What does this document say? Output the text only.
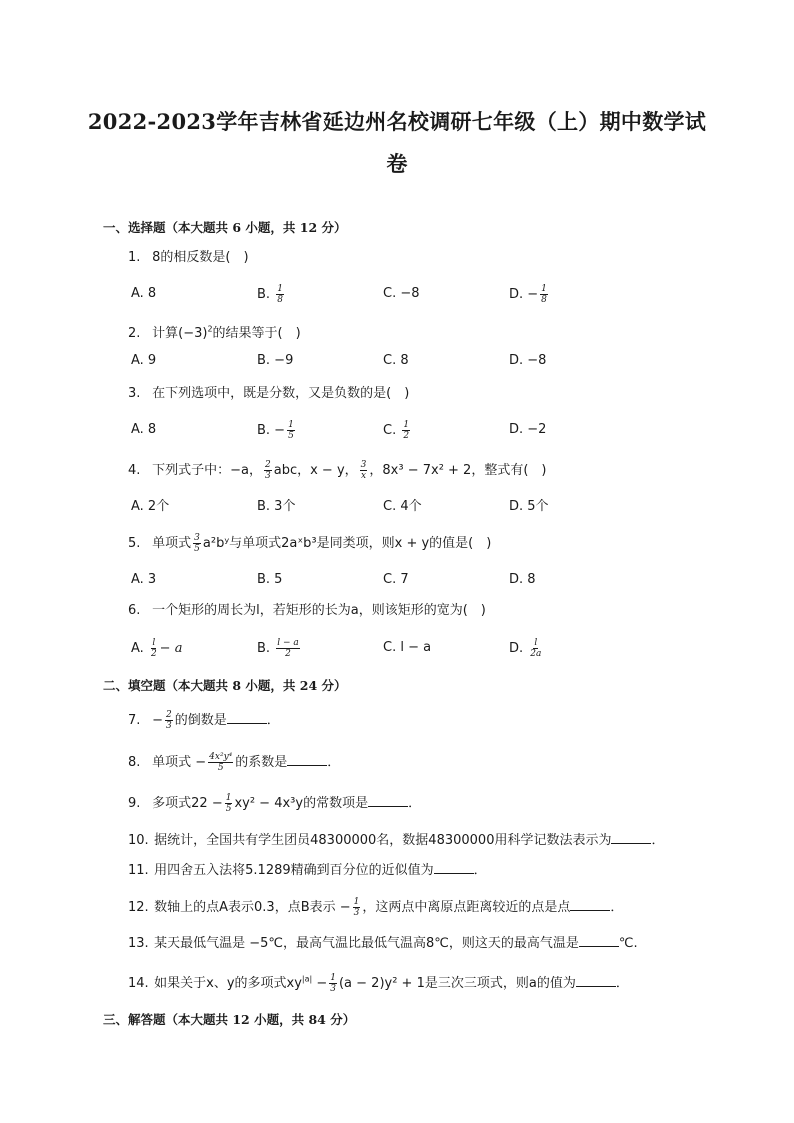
2022-2023学年吉林省延边州名校调研七年级（上）期中数学试
卷
一、选择题（本大题共 6 小题，共 12 分）
1. 8的相反数是(　)
A. 8	B. $\frac{1}{8}$	C. −8	D. − $\frac{1}{8}$
2. 计算$(-3)^2$的结果等于(　)
A. 9	B. −9	C. 8	D. −8
3. 在下列选项中，既是分数，又是负数的是(　)
A. 8	B. − $\frac{1}{5}$	C. $\frac{1}{2}$	D. −2
4. 下列式子中：−a， $\frac{2}{3}$ abc，x − y， $\frac{3}{x}$ ，8x³ − 7x² + 2，整式有(　)
A. 2个	B. 3个	C. 4个	D. 5个
5. 单项式 $\frac{3}{5}$ a²bʸ与单项式2aˣb³是同类项，则x + y的值是(　)
A. 3	B. 5	C. 7	D. 8
6. 一个矩形的周长为l，若矩形的长为a，则该矩形的宽为(　)
A. $\frac{l}{2} - a$	B. $\frac{l - a}{2}$	C. l − a	D. $\frac{l}{2a}$
二、填空题（本大题共 8 小题，共 24 分）
7. − $\frac{2}{3}$ 的倒数是	．
8. 单项式 − $\frac{\text{4x²y⁴}}{5}$ 的系数是	．
9. 多项式$22 - \frac{1}{5} xy^2 - 4x^3y$的常数项是	．
10. 据统计，全国共有学生团员48300000名，数据48300000用科学记数法表示为	．
11. 用四舍五入法将5.1289精确到百分位的近似值为	．
12. 数轴上的点A表示0.3，点B表示 − $\frac{1}{3}$ ，这两点中离原点距离较近的点是点	．
13. 某天最低气温是 −5℃，最高气温比最低气温高8℃，则这天的最高气温是	℃.
14. 如果关于x、y的多项式$xy^{|a|} - \frac{1}{3} (a - 2)y^2 + 1$是三次三项式，则a的值为	．
三、解答题（本大题共 12 小题，共 84 分）
